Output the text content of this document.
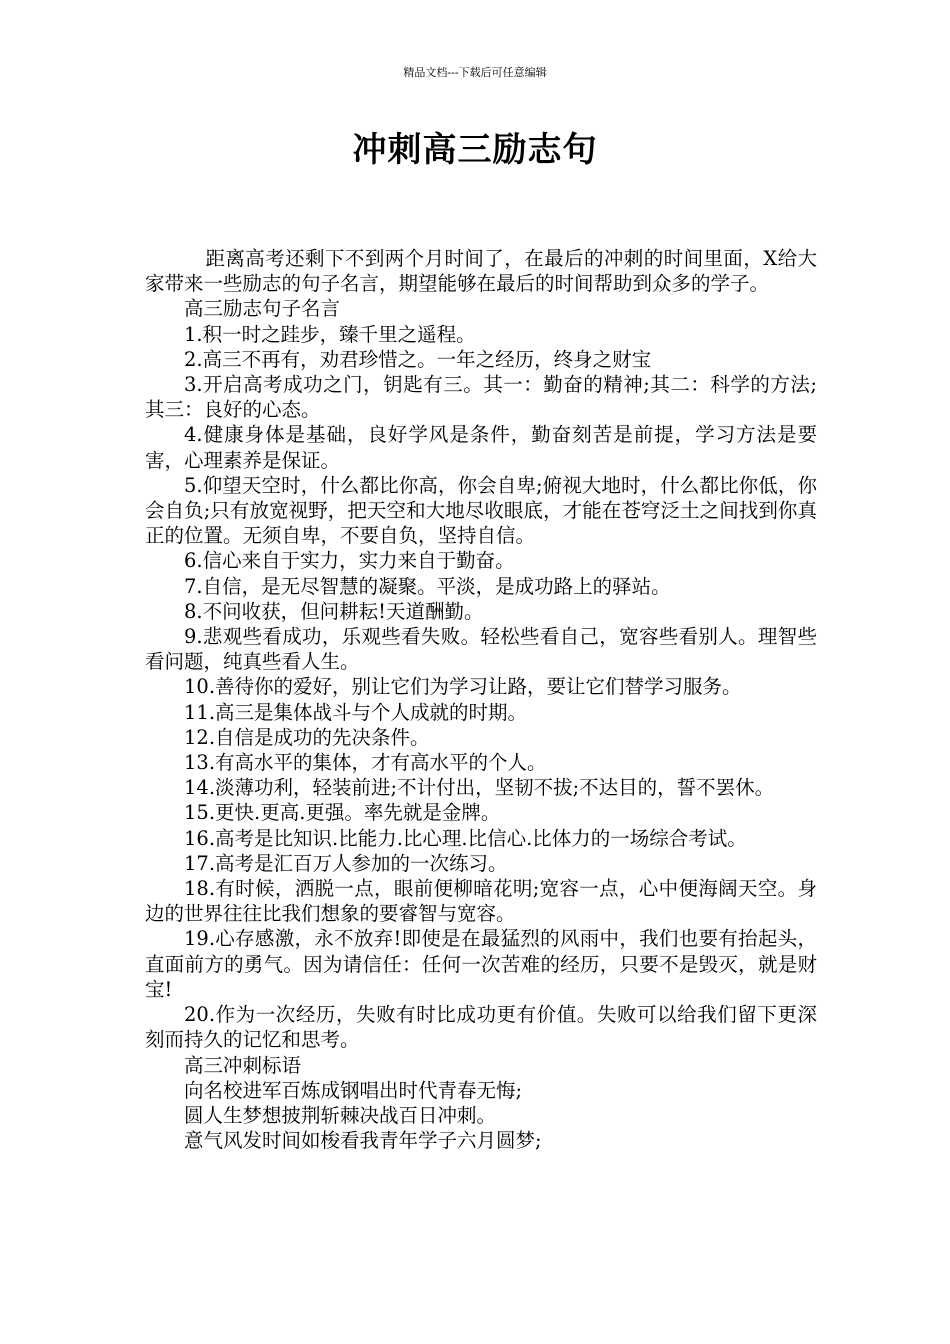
精品文档---下载后可任意编辑
冲刺高三励志句

距离高考还剩下不到两个月时间了，在最后的冲刺的时间里面，X给大家带来一些励志的句子名言，期望能够在最后的时间帮助到众多的学子。

高三励志句子名言

1.积一时之跬步，臻千里之遥程。

2.高三不再有，劝君珍惜之。一年之经历，终身之财宝

3.开启高考成功之门，钥匙有三。其一：勤奋的精神;其二：科学的方法;其三：良好的心态。

4.健康身体是基础，良好学风是条件，勤奋刻苦是前提，学习方法是要害，心理素养是保证。

5.仰望天空时，什么都比你高，你会自卑;俯视大地时，什么都比你低，你会自负;只有放宽视野，把天空和大地尽收眼底，才能在苍穹泛土之间找到你真正的位置。无须自卑，不要自负，坚持自信。

6.信心来自于实力，实力来自于勤奋。

7.自信，是无尽智慧的凝聚。平淡，是成功路上的驿站。

8.不问收获，但问耕耘!天道酬勤。

9.悲观些看成功，乐观些看失败。轻松些看自己，宽容些看别人。理智些看问题，纯真些看人生。

10.善待你的爱好，别让它们为学习让路，要让它们替学习服务。

11.高三是集体战斗与个人成就的时期。

12.自信是成功的先决条件。

13.有高水平的集体，才有高水平的个人。

14.淡薄功利，轻装前进;不计付出，坚韧不拔;不达目的，誓不罢休。

15.更快.更高.更强。率先就是金牌。

16.高考是比知识.比能力.比心理.比信心.比体力的一场综合考试。

17.高考是汇百万人参加的一次练习。

18.有时候，洒脱一点，眼前便柳暗花明;宽容一点，心中便海阔天空。身边的世界往往比我们想象的要睿智与宽容。

19.心存感激，永不放弃!即使是在最猛烈的风雨中，我们也要有抬起头，直面前方的勇气。因为请信任：任何一次苦难的经历，只要不是毁灭，就是财宝!

20.作为一次经历，失败有时比成功更有价值。失败可以给我们留下更深刻而持久的记忆和思考。

高三冲刺标语

向名校进军百炼成钢唱出时代青春无悔;

圆人生梦想披荆斩棘决战百日冲刺。

意气风发时间如梭看我青年学子六月圆梦;
